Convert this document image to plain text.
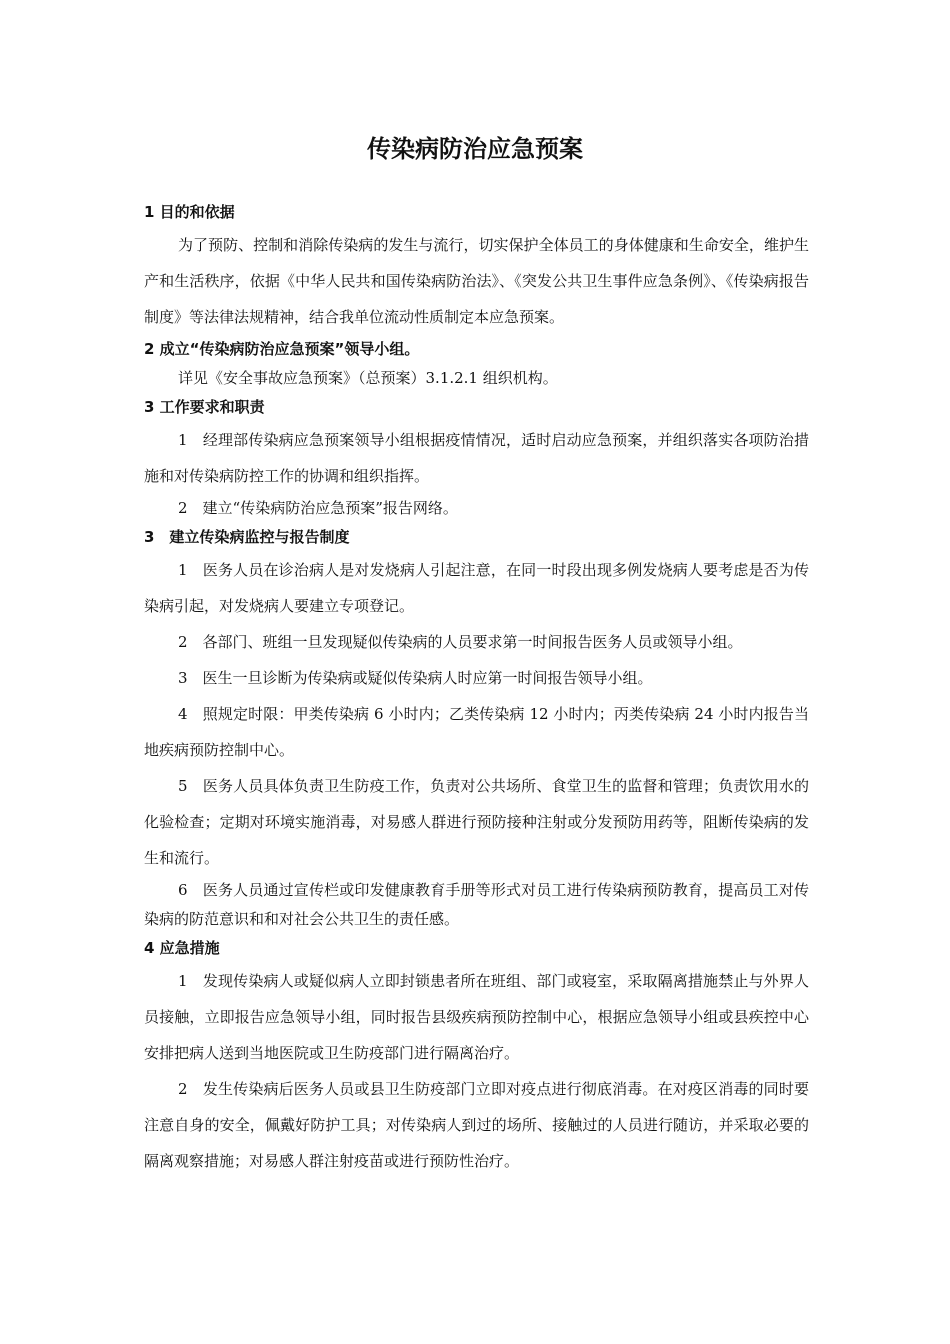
传染病防治应急预案
1 目的和依据
为了预防、控制和消除传染病的发生与流行，切实保护全体员工的身体健康和生命安全，维护生产和生活秩序，依据《中华人民共和国传染病防治法》、《突发公共卫生事件应急条例》、《传染病报告制度》等法律法规精神，结合我单位流动性质制定本应急预案。
2 成立“传染病防治应急预案”领导小组。
详见《安全事故应急预案》（总预案）3.1.2.1 组织机构。
3 工作要求和职责
1　经理部传染病应急预案领导小组根据疫情情况，适时启动应急预案，并组织落实各项防治措施和对传染病防控工作的协调和组织指挥。
2　建立“传染病防治应急预案”报告网络。
3　建立传染病监控与报告制度
1　医务人员在诊治病人是对发烧病人引起注意，在同一时段出现多例发烧病人要考虑是否为传染病引起，对发烧病人要建立专项登记。
2　各部门、班组一旦发现疑似传染病的人员要求第一时间报告医务人员或领导小组。
3　医生一旦诊断为传染病或疑似传染病人时应第一时间报告领导小组。
4　照规定时限：甲类传染病 6 小时内；乙类传染病 12 小时内；丙类传染病 24 小时内报告当地疾病预防控制中心。
5　医务人员具体负责卫生防疫工作，负责对公共场所、食堂卫生的监督和管理；负责饮用水的化验检查；定期对环境实施消毒，对易感人群进行预防接种注射或分发预防用药等，阻断传染病的发生和流行。
6　医务人员通过宣传栏或印发健康教育手册等形式对员工进行传染病预防教育，提高员工对传染病的防范意识和和对社会公共卫生的责任感。
4 应急措施
1　发现传染病人或疑似病人立即封锁患者所在班组、部门或寝室，采取隔离措施禁止与外界人员接触，立即报告应急领导小组，同时报告县级疾病预防控制中心，根据应急领导小组或县疾控中心安排把病人送到当地医院或卫生防疫部门进行隔离治疗。
2　发生传染病后医务人员或县卫生防疫部门立即对疫点进行彻底消毒。在对疫区消毒的同时要注意自身的安全，佩戴好防护工具；对传染病人到过的场所、接触过的人员进行随访，并采取必要的隔离观察措施；对易感人群注射疫苗或进行预防性治疗。
